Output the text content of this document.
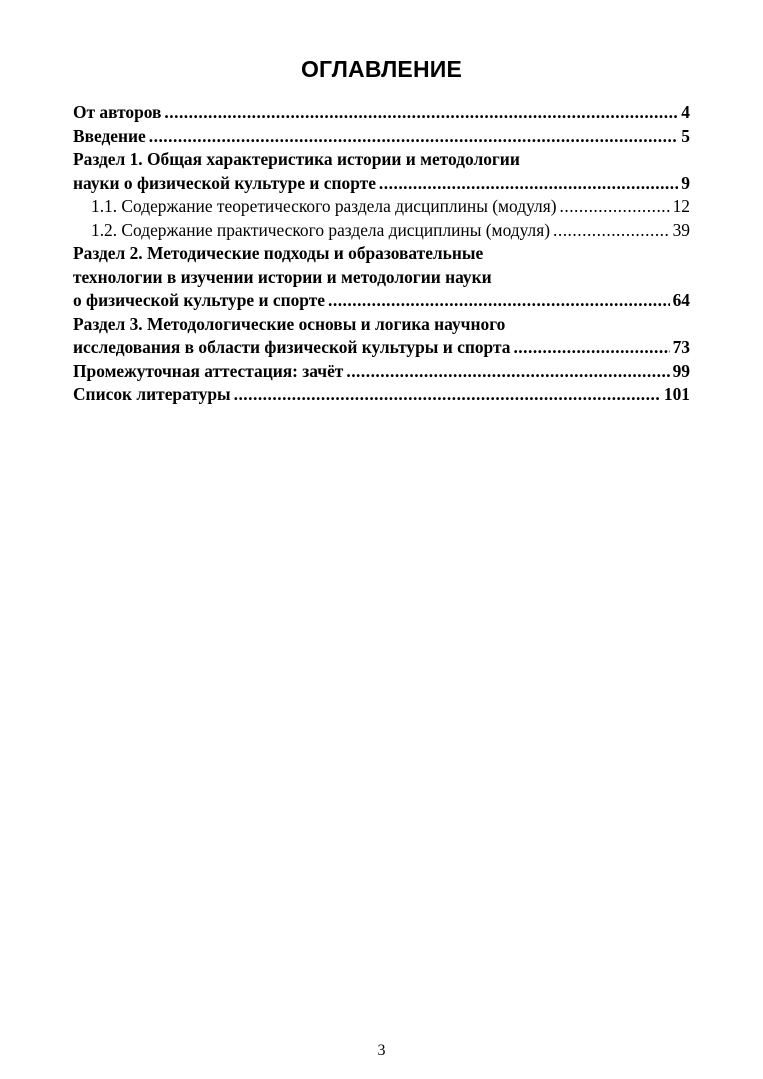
ОГЛАВЛЕНИЕ
От авторов .....	4
Введение .....	5
Раздел 1. Общая характеристика истории и методологии
науки о физической культуре и спорте .....	9
1.1. Содержание теоретического раздела дисциплины (модуля) .....	12
1.2. Содержание практического раздела дисциплины (модуля) .....	39
Раздел 2. Методические подходы и образовательные
технологии в изучении истории и методологии науки
о физической культуре и спорте .....	64
Раздел 3. Методологические основы и логика научного
исследования в области физической культуры и спорта .....	73
Промежуточная аттестация: зачёт .....	99
Список литературы .....	101
3
